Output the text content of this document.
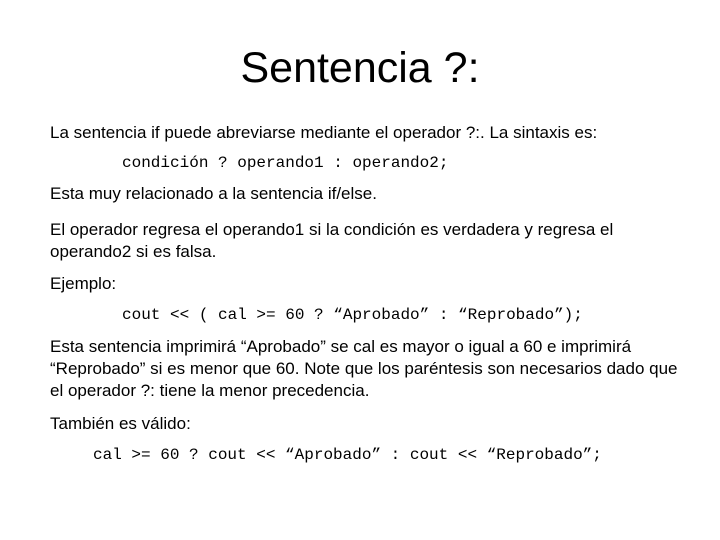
Sentencia ?:
La sentencia if puede abreviarse mediante el operador ?:. La sintaxis es:
condición ? operando1 : operando2;
Esta muy relacionado a la sentencia if/else.
El operador regresa el operando1 si la condición es verdadera y regresa el operando2 si es falsa.
Ejemplo:
cout << ( cal >= 60 ? “Aprobado” : “Reprobado”);
Esta sentencia imprimirá “Aprobado” se cal es mayor o igual a 60 e imprimirá “Reprobado” si es menor que 60. Note que los paréntesis son necesarios dado que el operador ?: tiene la menor precedencia.
También es válido:
cal >= 60 ? cout << “Aprobado” : cout << “Reprobado”;
